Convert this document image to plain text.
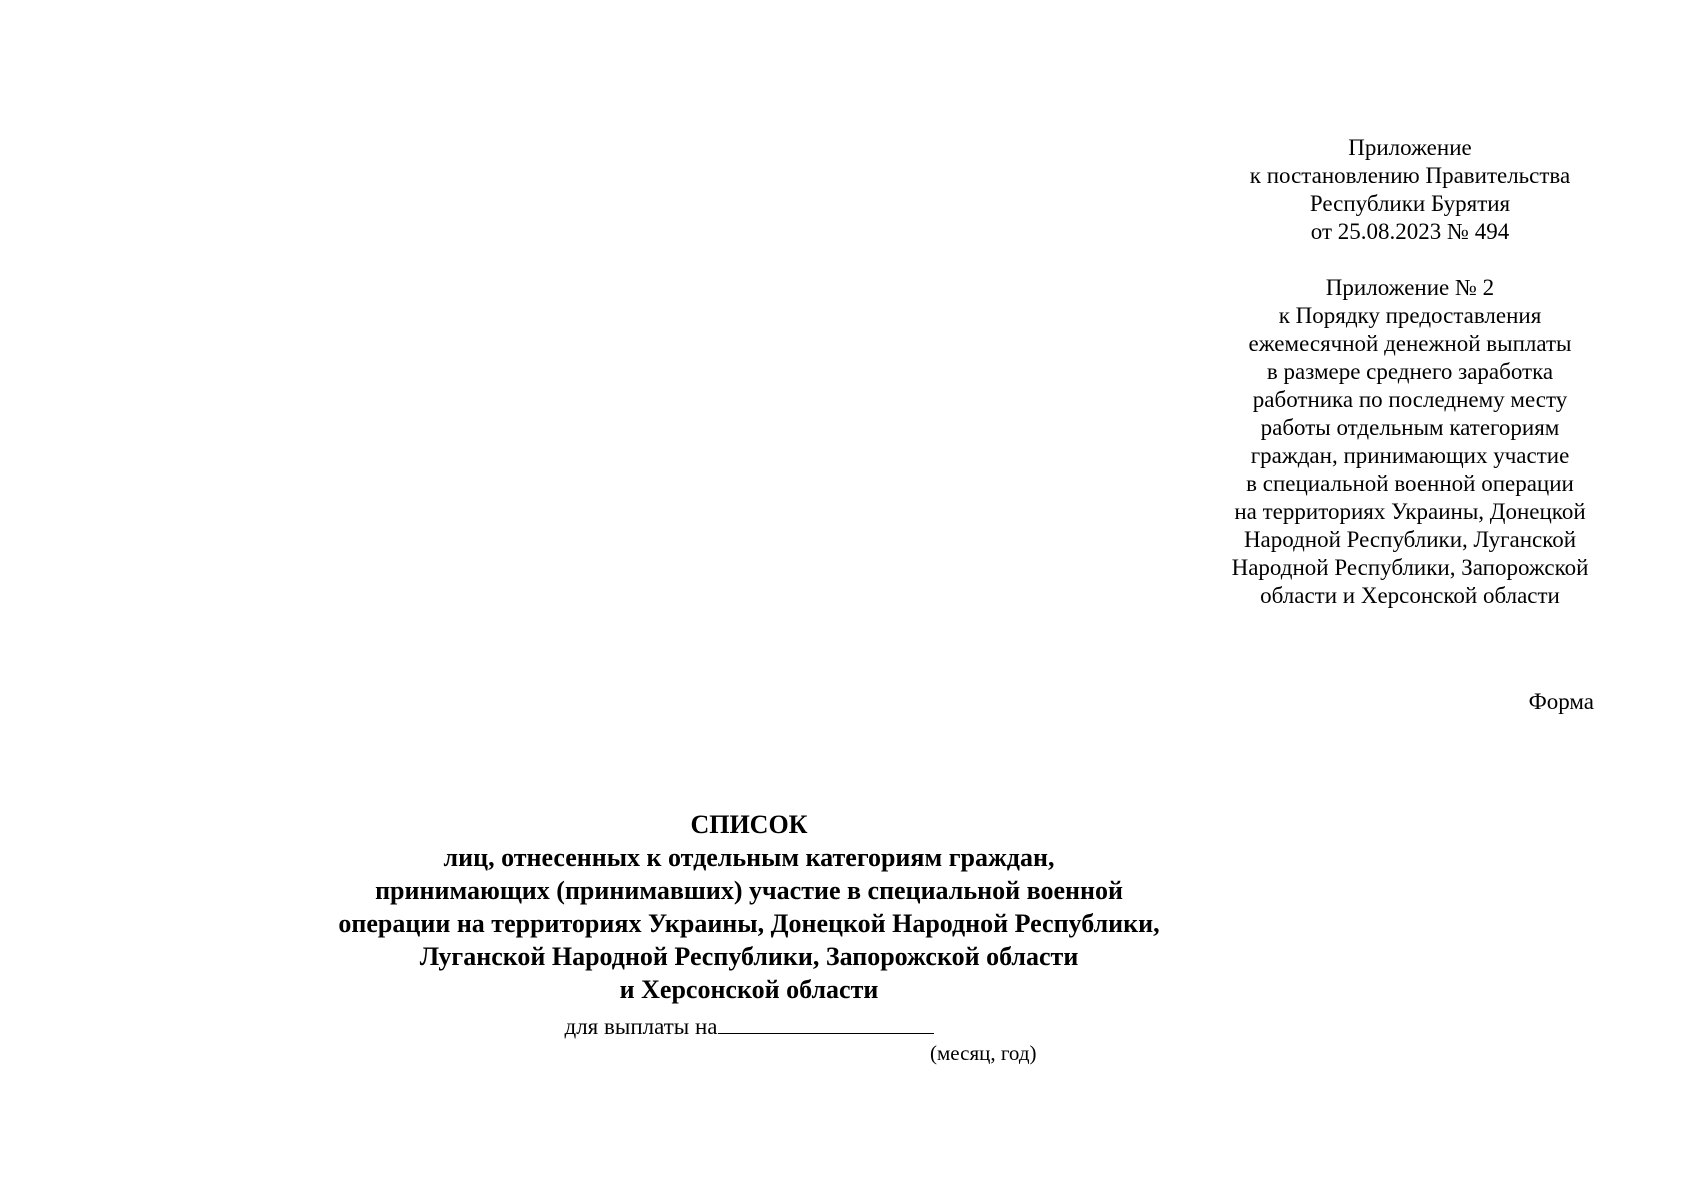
Приложение
к постановлению Правительства
Республики Бурятия
от 25.08.2023 № 494
Приложение № 2
к Порядку предоставления
ежемесячной денежной выплаты
в размере среднего заработка
работника по последнему месту
работы отдельным категориям
граждан, принимающих участие
в специальной военной операции
на территориях Украины, Донецкой
Народной Республики, Луганской
Народной Республики, Запорожской
области и Херсонской области
Форма
СПИСОК
лиц, отнесенных к отдельным категориям граждан,
принимающих (принимавших) участие в специальной военной
операции на территориях Украины, Донецкой Народной Республики,
Луганской Народной Республики, Запорожской области
и Херсонской области
для выплаты на
(месяц, год)
